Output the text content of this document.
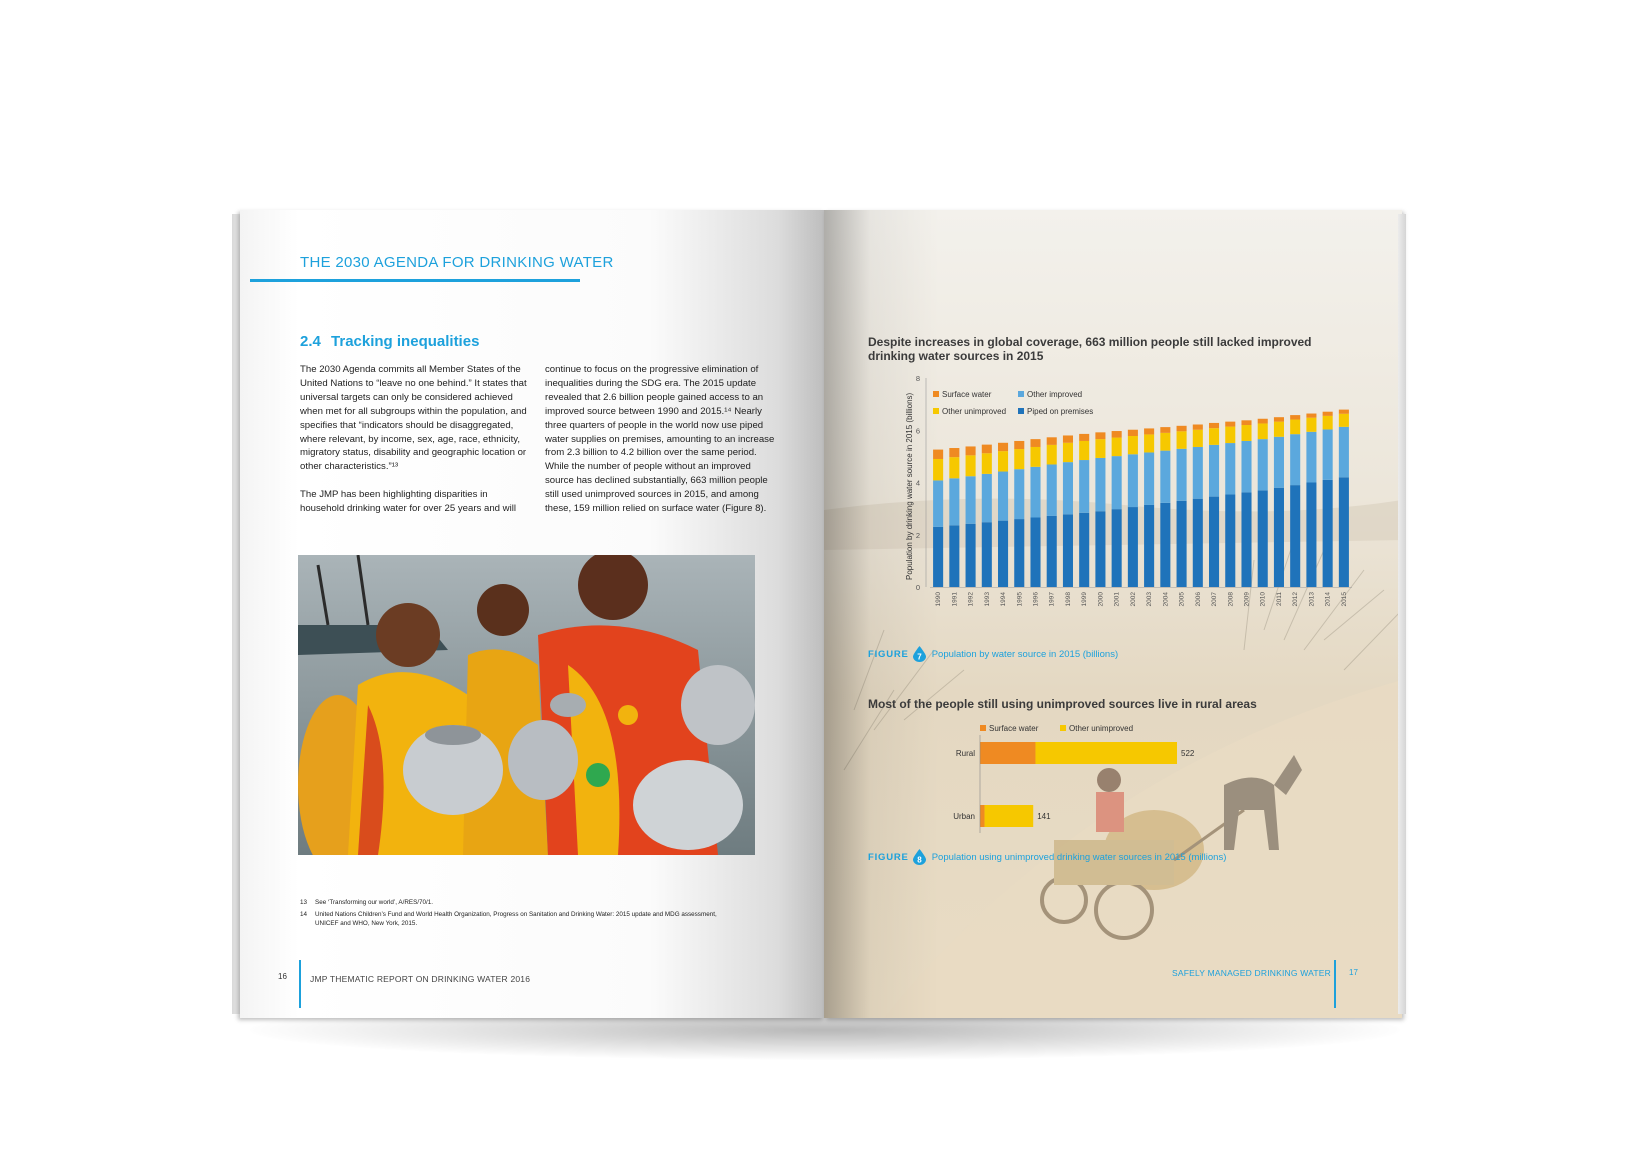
THE 2030 AGENDA FOR DRINKING WATER
2.4 Tracking inequalities

The 2030 Agenda commits all Member States of the United Nations to “leave no one behind.” It states that universal targets can only be considered achieved when met for all subgroups within the population, and specifies that “indicators should be disaggregated, where relevant, by income, sex, age, race, ethnicity, migratory status, disability and geographic location or other characteristics.”¹³

The JMP has been highlighting disparities in household drinking water for over 25 years and will

continue to focus on the progressive elimination of inequalities during the SDG era. The 2015 update revealed that 2.6 billion people gained access to an improved source between 1990 and 2015.¹⁴ Nearly three quarters of people in the world now use piped water supplies on premises, amounting to an increase from 2.3 billion to 4.2 billion over the same period. While the number of people without an improved source has declined substantially, 663 million people still used unimproved sources in 2015, and among these, 159 million relied on surface water (Figure 8).

13	See ‘Transforming our world’, A/RES/70/1.
14	United Nations Children’s Fund and World Health Organization, Progress on Sanitation and Drinking Water: 2015 update and MDG assessment, UNICEF and WHO, New York, 2015.
16	JMP THEMATIC REPORT ON DRINKING WATER 2016
Despite increases in global coverage, 663 million people still lacked improved drinking water sources in 2015
Surface water	Other improved
Other unimproved	Piped on premises
0
2
4
6
8
1990 1991 1992 1993 1994 1995 1996 1997 1998 1999 2000 2001 2002 2003 2004 2005 2006 2007 2008 2009 2010 2011 2012 2013 2014 2015
Population by drinking water source in 2015 (billions)
FIGURE 7 Population by water source in 2015 (billions)
Most of the people still using unimproved sources live in rural areas
Surface water	Other unimproved
Rural	522
Urban	141
FIGURE 8 Population using unimproved drinking water sources in 2015 (millions)
SAFELY MANAGED DRINKING WATER 17
